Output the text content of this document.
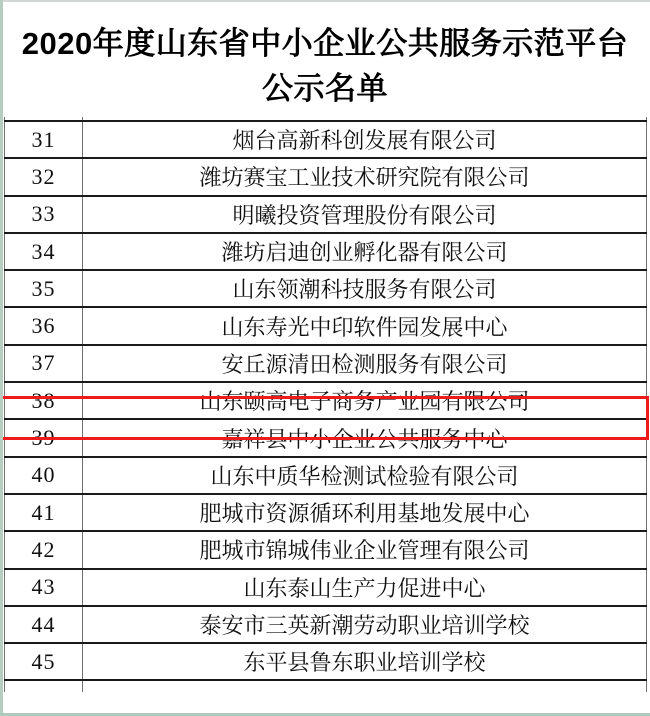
2020年度山东省中小企业公共服务示范平台
公示名单

31	烟台高新科创发展有限公司
32	潍坊赛宝工业技术研究院有限公司
33	明曦投资管理股份有限公司
34	潍坊启迪创业孵化器有限公司
35	山东领潮科技服务有限公司
36	山东寿光中印软件园发展中心
37	安丘源清田检测服务有限公司
38	山东颐高电子商务产业园有限公司
39	嘉祥县中小企业公共服务中心
40	山东中质华检测试检验有限公司
41	肥城市资源循环利用基地发展中心
42	肥城市锦城伟业企业管理有限公司
43	山东泰山生产力促进中心
44	泰安市三英新潮劳动职业培训学校
45	东平县鲁东职业培训学校
